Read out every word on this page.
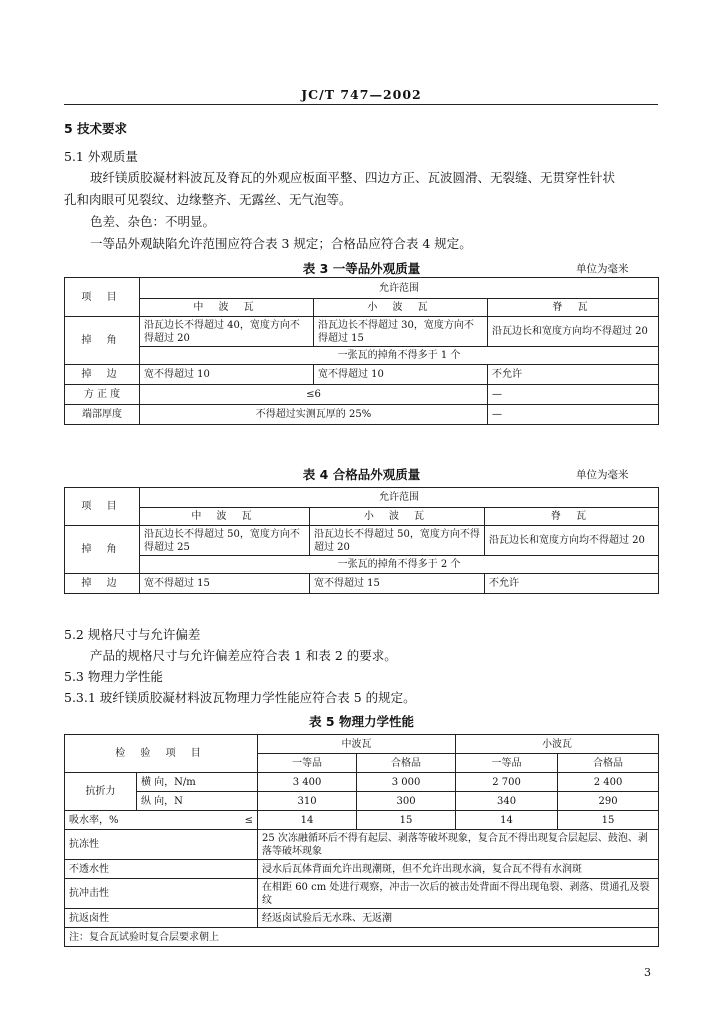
JC/T 747—2002
5 技术要求
5.1 外观质量
玻纤镁质胶凝材料波瓦及脊瓦的外观应板面平整、四边方正、瓦波圆滑、无裂缝、无贯穿性针状
孔和肉眼可见裂纹、边缘整齐、无露丝、无气泡等。
色差、杂色：不明显。
一等品外观缺陷允许范围应符合表 3 规定；合格品应符合表 4 规定。
表 3 一等品外观质量	单位为毫米
项 目	允许范围		
	中 波 瓦	小 波 瓦	脊 瓦
掉 角	沿瓦边长不得超过 40，宽度方向不得超过 20	沿瓦边长不得超过 30，宽度方向不得超过 15	沿瓦边长和宽度方向均不得超过 20
	一张瓦的掉角不得多于 1 个		
掉 边	宽不得超过 10	宽不得超过 10	不允许
方 正 度	≤6		—
端部厚度	不得超过实测瓦厚的 25%		—
表 4 合格品外观质量	单位为毫米
项 目	允许范围		
	中 波 瓦	小 波 瓦	脊 瓦
掉 角	沿瓦边长不得超过 50，宽度方向不得超过 25	沿瓦边长不得超过 50，宽度方向不得超过 20	沿瓦边长和宽度方向均不得超过 20
	一张瓦的掉角不得多于 2 个		
掉 边	宽不得超过 15	宽不得超过 15	不允许
5.2 规格尺寸与允许偏差
产品的规格尺寸与允许偏差应符合表 1 和表 2 的要求。
5.3 物理力学性能
5.3.1 玻纤镁质胶凝材料波瓦物理力学性能应符合表 5 的规定。
表 5 物理力学性能
检 验 项 目		中波瓦		小波瓦	
		一等品	合格品	一等品	合格品
抗折力	横 向，N/m	3 400	3 000	2 700	2 400
	纵 向，N	310	300	340	290
吸水率，% ≤		14	15	14	15
抗冻性		25 次冻融循环后不得有起层、剥落等破坏现象，复合瓦不得出现复合层起层、鼓泡、剥落等破坏现象			
不透水性		浸水后瓦体背面允许出现潮斑，但不允许出现水滴，复合瓦不得有水润斑			
抗冲击性		在相距 60 cm 处进行观察，冲击一次后的被击处背面不得出现龟裂、剥落、贯通孔及裂纹			
抗返卤性		经返卤试验后无水珠、无返潮			
注：复合瓦试验时复合层要求朝上					
3
